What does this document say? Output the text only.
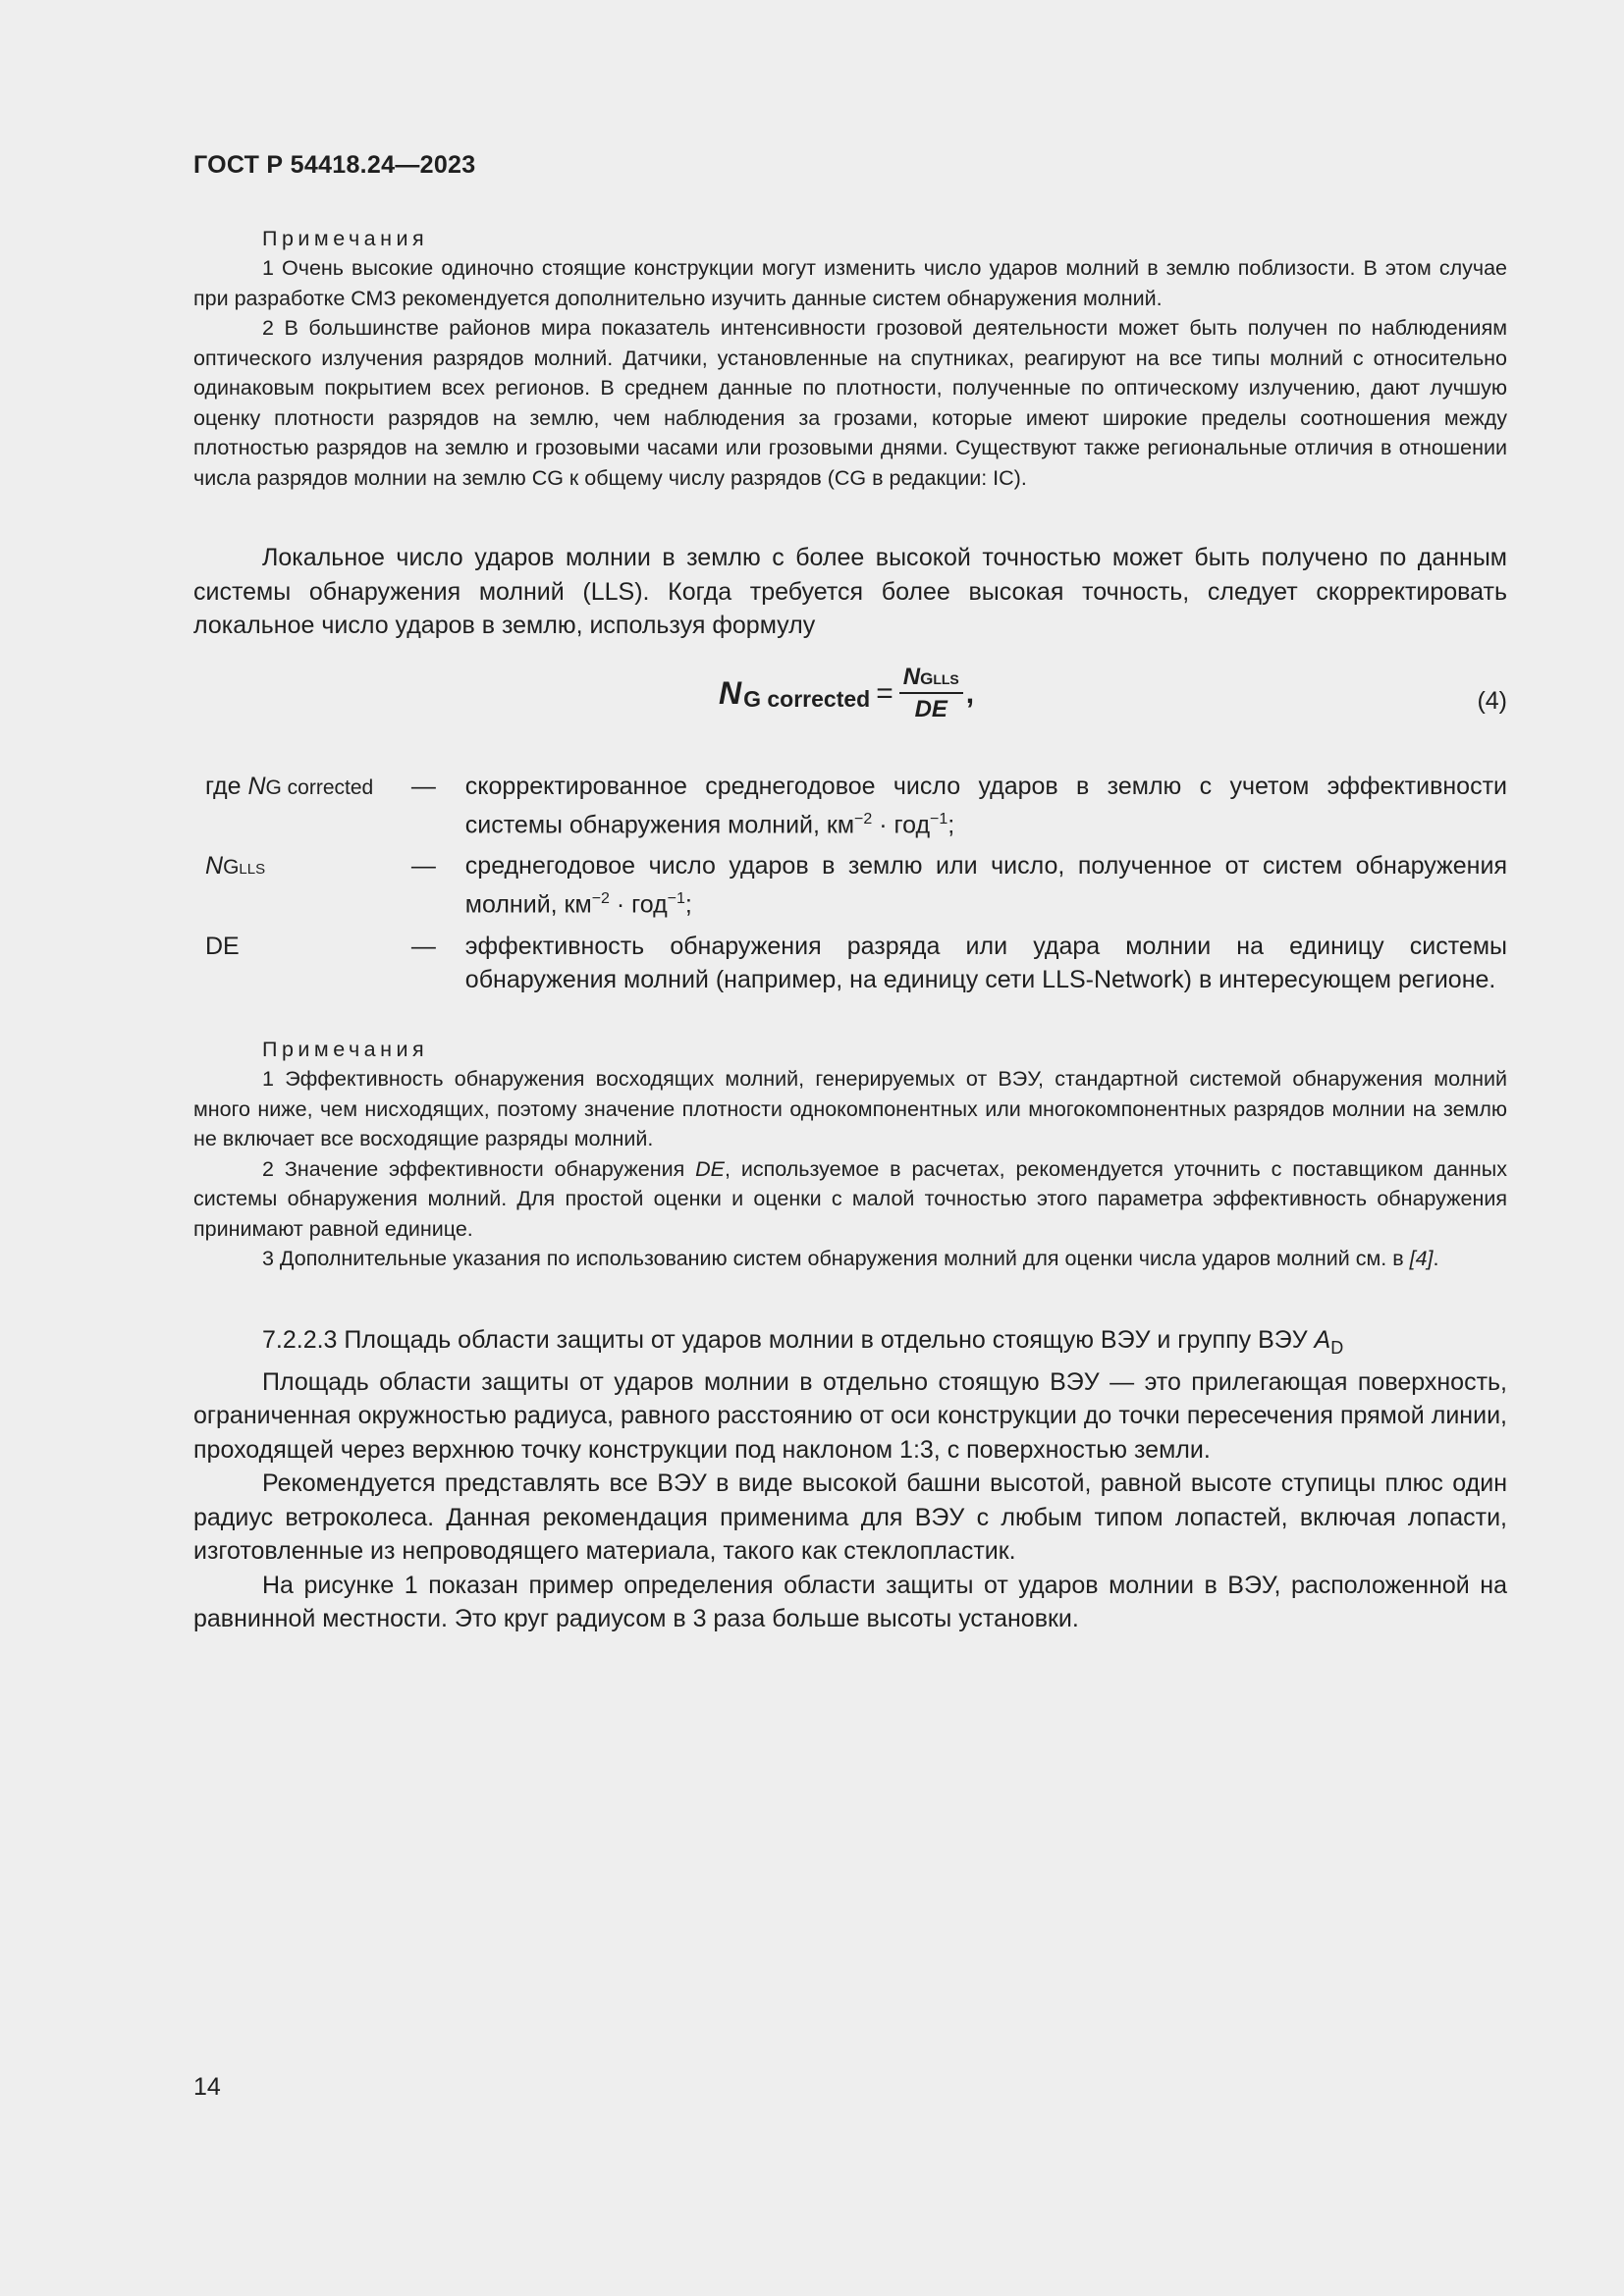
ГОСТ Р 54418.24—2023
Примечания

1 Очень высокие одиночно стоящие конструкции могут изменить число ударов молний в землю поблизости. В этом случае при разработке СМЗ рекомендуется дополнительно изучить данные систем обнаружения молний.

2 В большинстве районов мира показатель интенсивности грозовой деятельности может быть получен по наблюдениям оптического излучения разрядов молний. Датчики, установленные на спутниках, реагируют на все типы молний с относительно одинаковым покрытием всех регионов. В среднем данные по плотности, полученные по оптическому излучению, дают лучшую оценку плотности разрядов на землю, чем наблюдения за грозами, которые имеют широкие пределы соотношения между плотностью разрядов на землю и грозовыми часами или грозовыми днями. Существуют также региональные отличия в отношении числа разрядов молнии на землю CG к общему числу разрядов (CG в редакции: IC).

Локальное число ударов молнии в землю с более высокой точностью может быть получено по данным системы обнаружения молний (LLS). Когда требуется более высокая точность, следует скорректировать локальное число ударов в землю, используя формулу

N G corrected = $\frac{\text{NGLLS}}{DE}$ ,	(4)
где NG corrected	—	скорректированное среднегодовое число ударов в землю с учетом эффективности системы обнаружения молний, $км^{-2} \cdot год^{-1}$;
NGLLS	—	среднегодовое число ударов в землю или число, полученное от систем обнаружения молний, $км^{-2} \cdot год^{-1}$;
DE	—	эффективность обнаружения разряда или удара молнии на единицу системы обнаружения молний (например, на единицу сети LLS-Network) в интересующем регионе.
Примечания

1 Эффективность обнаружения восходящих молний, генерируемых от ВЭУ, стандартной системой обнаружения молний много ниже, чем нисходящих, поэтому значение плотности однокомпонентных или многокомпонентных разрядов молнии на землю не включает все восходящие разряды молний.

2 Значение эффективности обнаружения DE, используемое в расчетах, рекомендуется уточнить с поставщиком данных системы обнаружения молний. Для простой оценки и оценки с малой точностью этого параметра эффективность обнаружения принимают равной единице.

3 Дополнительные указания по использованию систем обнаружения молний для оценки числа ударов молний см. в [4].

7.2.2.3 Площадь области защиты от ударов молнии в отдельно стоящую ВЭУ и группу ВЭУ $A_D$

Площадь области защиты от ударов молнии в отдельно стоящую ВЭУ — это прилегающая поверхность, ограниченная окружностью радиуса, равного расстоянию от оси конструкции до точки пересечения прямой линии, проходящей через верхнюю точку конструкции под наклоном 1:3, с поверхностью земли.

Рекомендуется представлять все ВЭУ в виде высокой башни высотой, равной высоте ступицы плюс один радиус ветроколеса. Данная рекомендация применима для ВЭУ с любым типом лопастей, включая лопасти, изготовленные из непроводящего материала, такого как стеклопластик.

На рисунке 1 показан пример определения области защиты от ударов молнии в ВЭУ, расположенной на равнинной местности. Это круг радиусом в 3 раза больше высоты установки.

14
